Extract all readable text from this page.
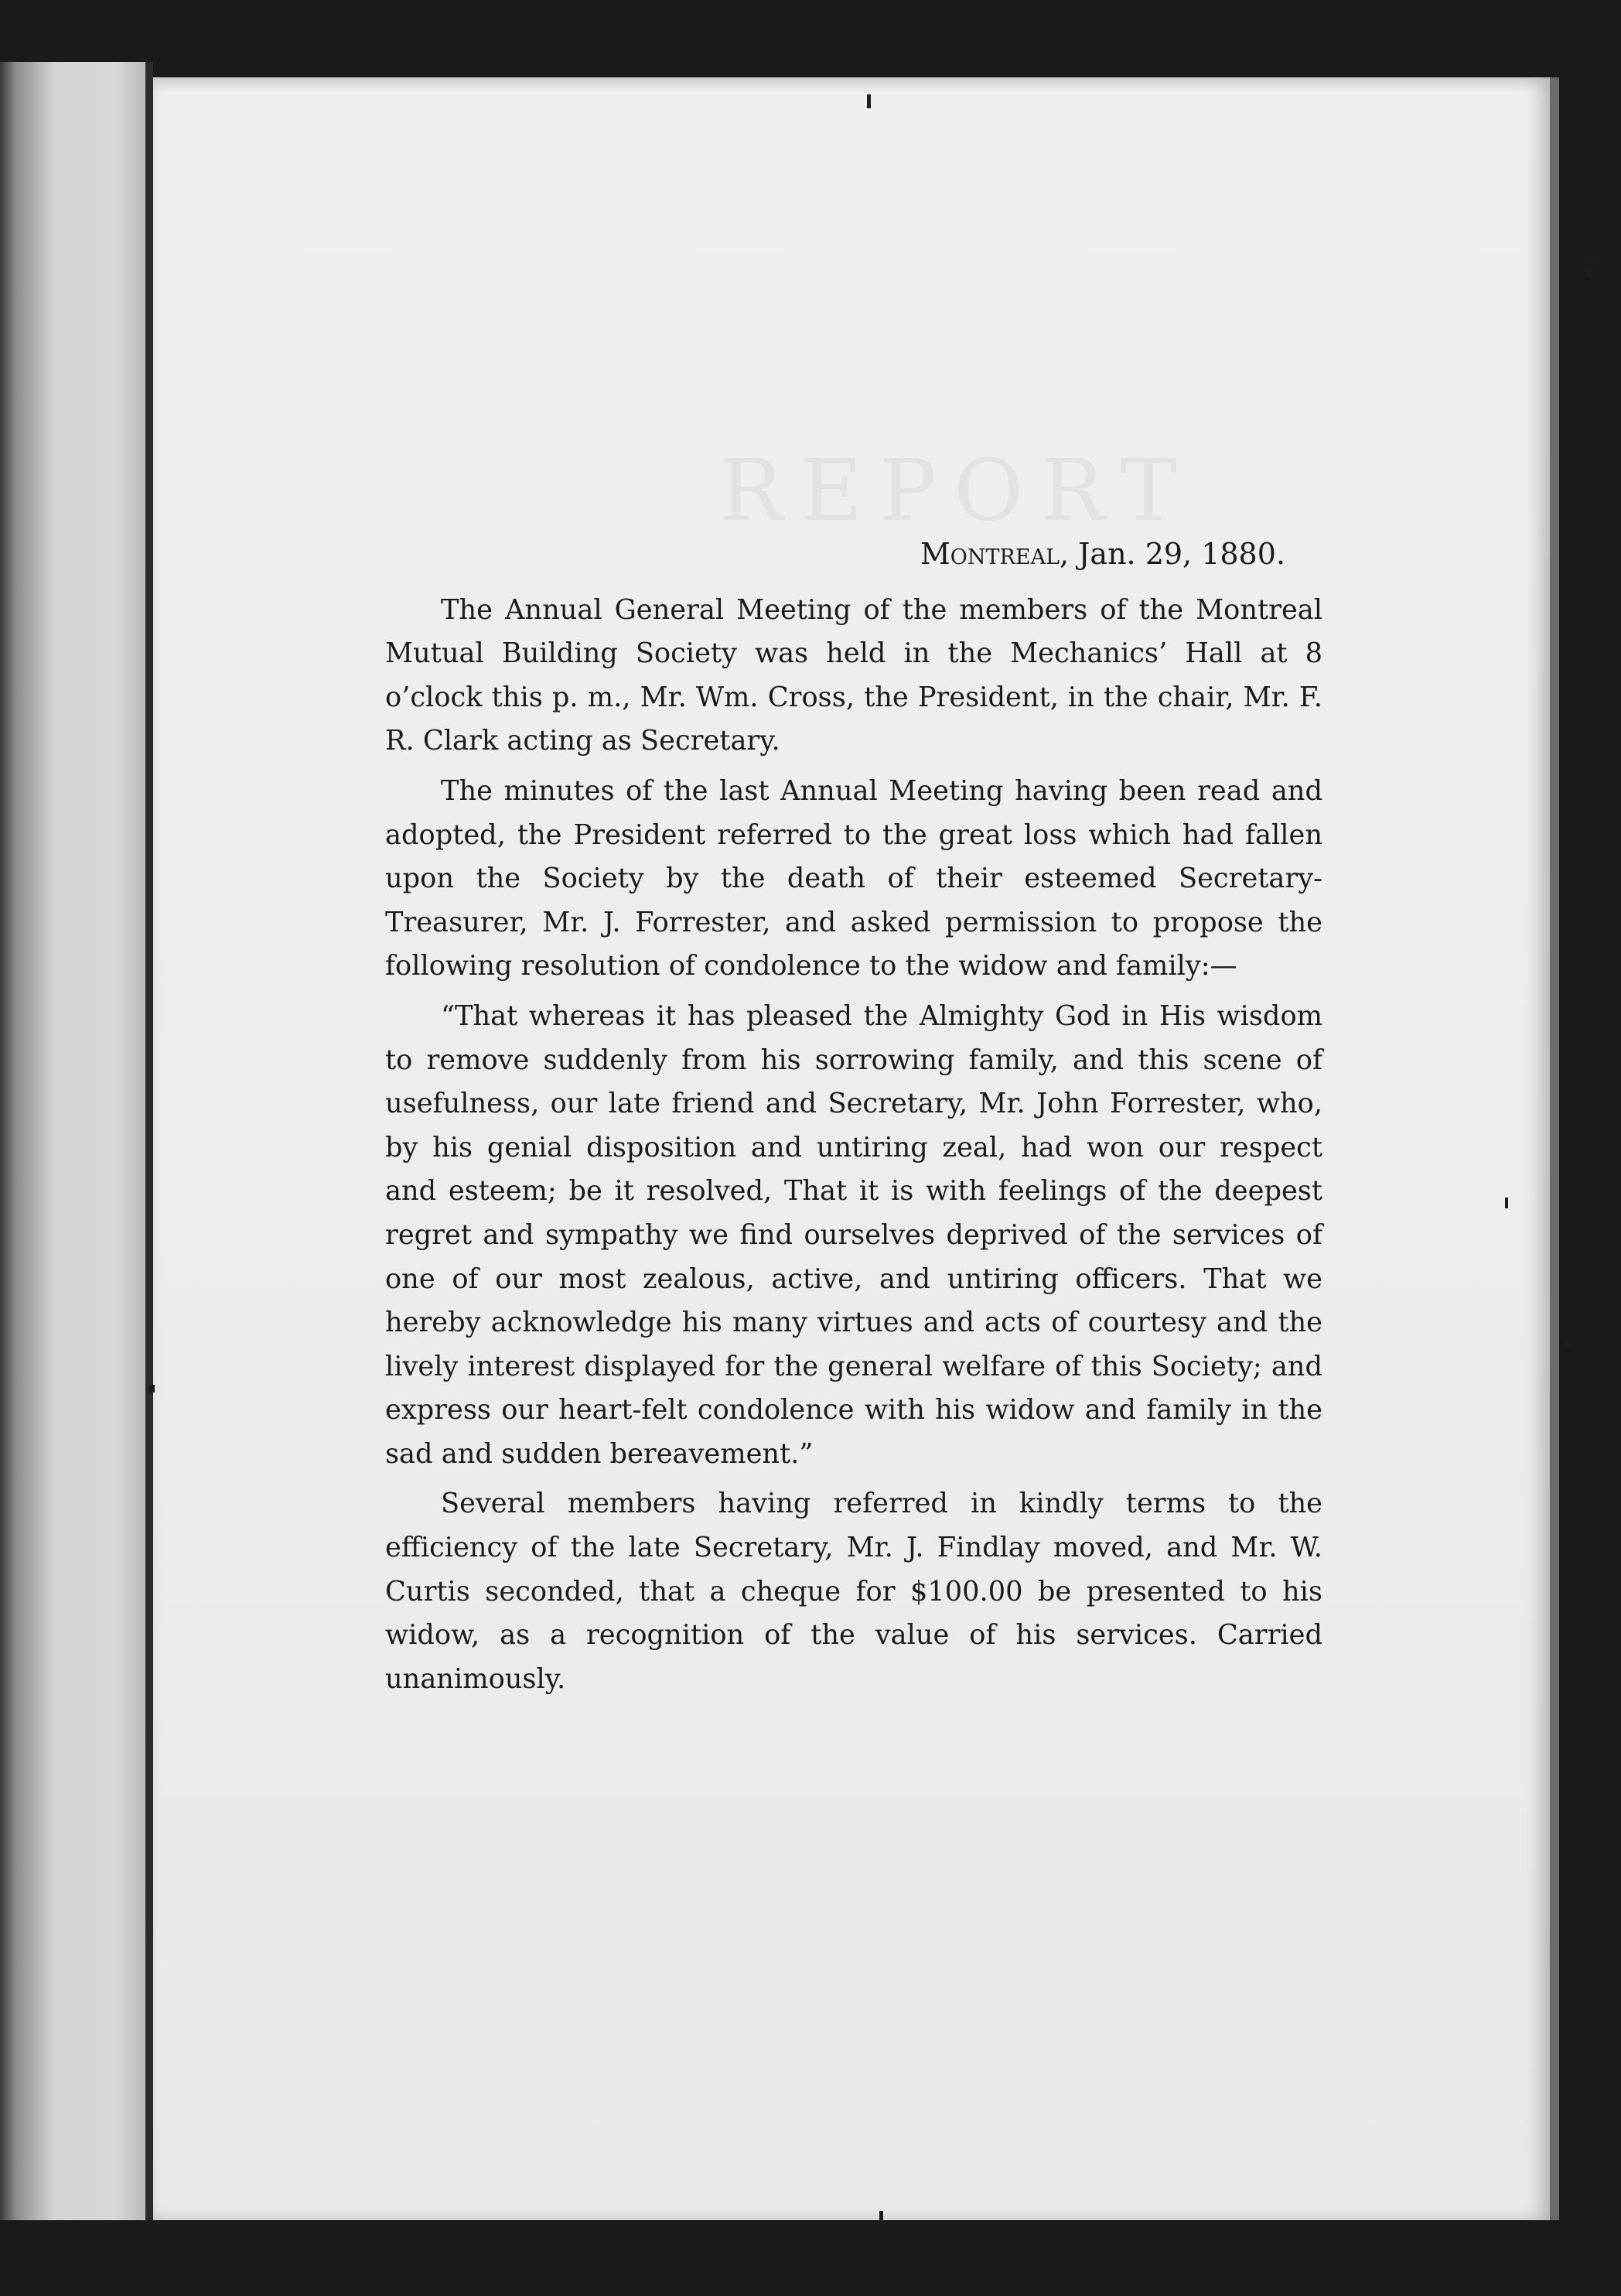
REPORT
Montreal, Jan. 29, 1880.

The Annual General Meeting of the members of the Montreal Mutual Building Society was held in the Mechanics’ Hall at 8 o’clock this p. m., Mr. Wm. Cross, the President, in the chair, Mr. F. R. Clark acting as Secretary.

The minutes of the last Annual Meeting having been read and adopted, the President referred to the great loss which had fallen upon the Society by the death of their esteemed Secretary-Treasurer, Mr. J. Forrester, and asked permission to propose the following resolution of condolence to the widow and family:—

“That whereas it has pleased the Almighty God in His wisdom to remove suddenly from his sorrowing family, and this scene of usefulness, our late friend and Secretary, Mr. John Forrester, who, by his genial disposition and untiring zeal, had won our respect and esteem; be it resolved, That it is with feelings of the deepest regret and sympathy we find ourselves deprived of the services of one of our most zealous, active, and untiring officers. That we hereby acknowledge his many virtues and acts of courtesy and the lively interest displayed for the general welfare of this Society; and express our heart-felt condolence with his widow and family in the sad and sudden bereavement.”

Several members having referred in kindly terms to the efficiency of the late Secretary, Mr. J. Findlay moved, and Mr. W. Curtis seconded, that a cheque for $100.00 be presented to his widow, as a recognition of the value of his services. Carried unanimously.
